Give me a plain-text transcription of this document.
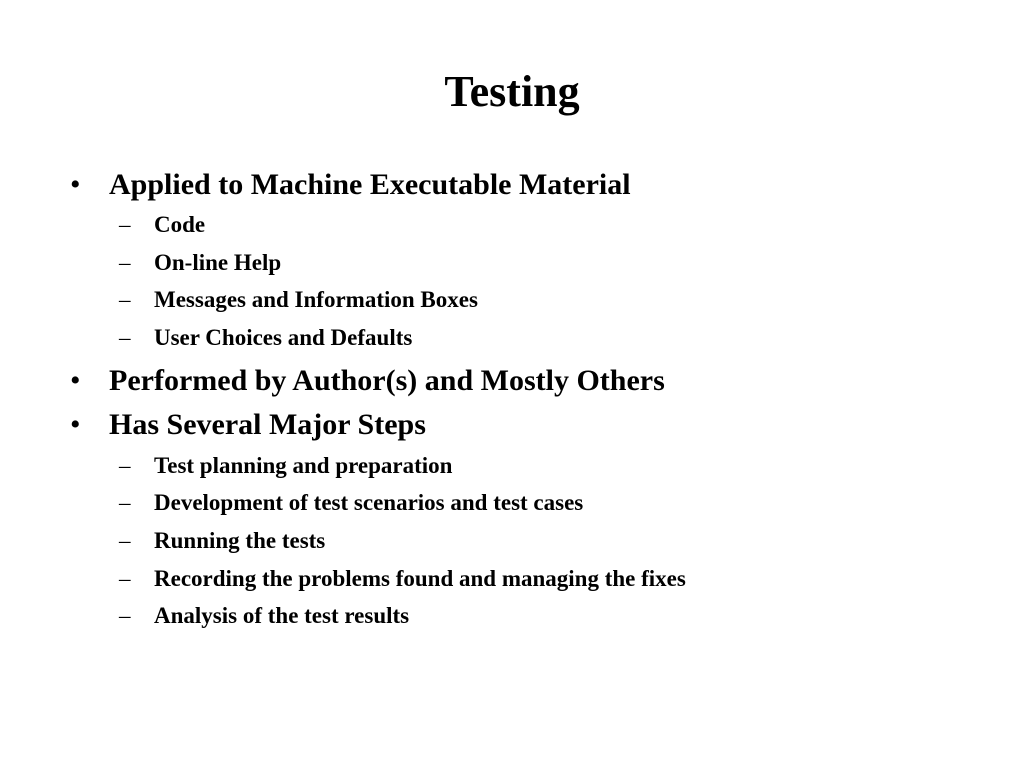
Testing
• Applied to Machine Executable Material
– Code
– On-line Help
– Messages and Information Boxes
– User Choices and Defaults
• Performed by Author(s) and Mostly Others
• Has Several Major Steps
– Test planning and preparation
– Development of test scenarios and test cases
– Running the tests
– Recording the problems found and managing the fixes
– Analysis of the test results
